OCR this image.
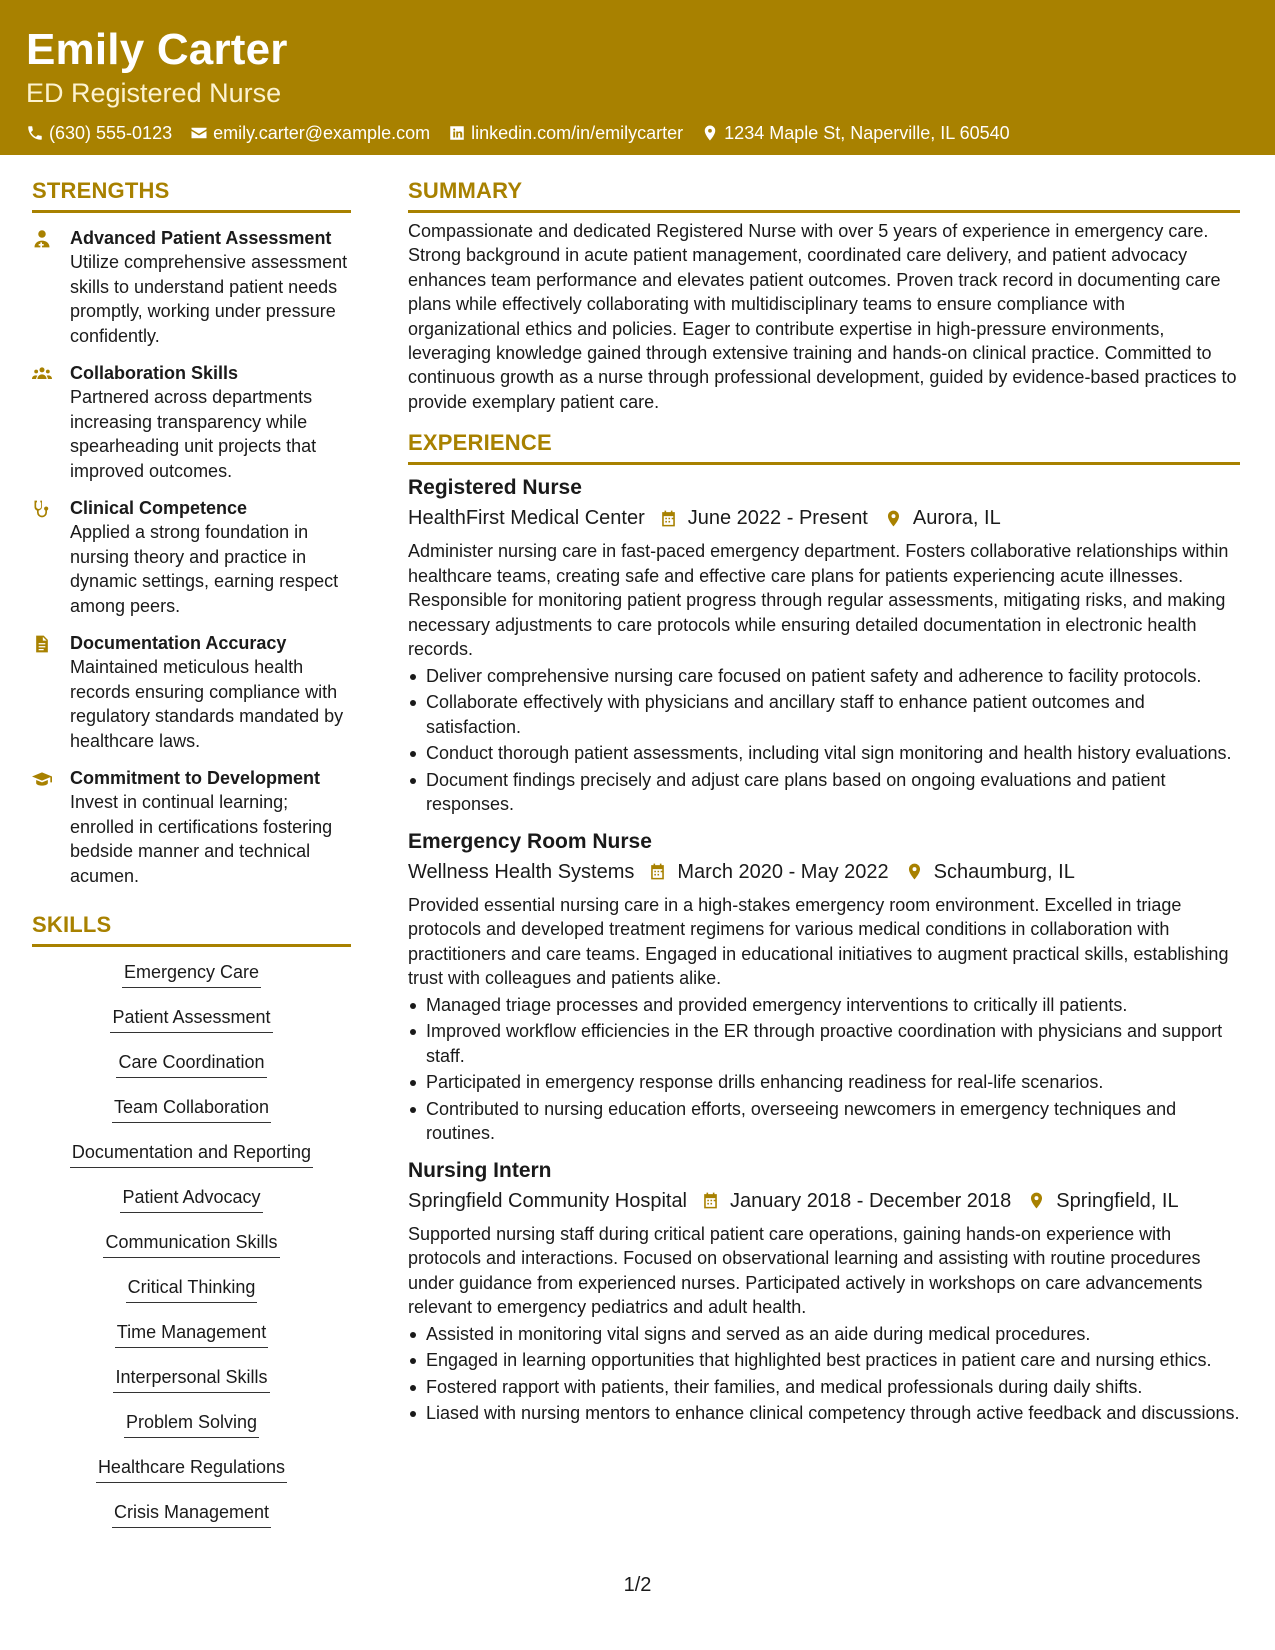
Emily Carter
ED Registered Nurse
(630) 555-0123 emily.carter@example.com linkedin.com/in/emilycarter 1234 Maple St, Naperville, IL 60540
STRENGTHS
Advanced Patient Assessment
Utilize comprehensive assessment skills to understand patient needs promptly, working under pressure confidently.
Collaboration Skills
Partnered across departments increasing transparency while spearheading unit projects that improved outcomes.
Clinical Competence
Applied a strong foundation in nursing theory and practice in dynamic settings, earning respect among peers.
Documentation Accuracy
Maintained meticulous health records ensuring compliance with regulatory standards mandated by healthcare laws.
Commitment to Development
Invest in continual learning; enrolled in certifications fostering bedside manner and technical acumen.
SKILLS
Emergency Care
Patient Assessment
Care Coordination
Team Collaboration
Documentation and Reporting
Patient Advocacy
Communication Skills
Critical Thinking
Time Management
Interpersonal Skills
Problem Solving
Healthcare Regulations
Crisis Management
SUMMARY
Compassionate and dedicated Registered Nurse with over 5 years of experience in emergency care. Strong background in acute patient management, coordinated care delivery, and patient advocacy enhances team performance and elevates patient outcomes. Proven track record in documenting care plans while effectively collaborating with multidisciplinary teams to ensure compliance with organizational ethics and policies. Eager to contribute expertise in high-pressure environments, leveraging knowledge gained through extensive training and hands-on clinical practice. Committed to continuous growth as a nurse through professional development, guided by evidence-based practices to provide exemplary patient care.
EXPERIENCE
Registered Nurse
HealthFirst Medical Center June 2022 - Present Aurora, IL
Administer nursing care in fast-paced emergency department. Fosters collaborative relationships within healthcare teams, creating safe and effective care plans for patients experiencing acute illnesses. Responsible for monitoring patient progress through regular assessments, mitigating risks, and making necessary adjustments to care protocols while ensuring detailed documentation in electronic health records.
Deliver comprehensive nursing care focused on patient safety and adherence to facility protocols.
Collaborate effectively with physicians and ancillary staff to enhance patient outcomes and satisfaction.
Conduct thorough patient assessments, including vital sign monitoring and health history evaluations.
Document findings precisely and adjust care plans based on ongoing evaluations and patient responses.
Emergency Room Nurse
Wellness Health Systems March 2020 - May 2022 Schaumburg, IL
Provided essential nursing care in a high-stakes emergency room environment. Excelled in triage protocols and developed treatment regimens for various medical conditions in collaboration with practitioners and care teams. Engaged in educational initiatives to augment practical skills, establishing trust with colleagues and patients alike.
Managed triage processes and provided emergency interventions to critically ill patients.
Improved workflow efficiencies in the ER through proactive coordination with physicians and support staff.
Participated in emergency response drills enhancing readiness for real-life scenarios.
Contributed to nursing education efforts, overseeing newcomers in emergency techniques and routines.
Nursing Intern
Springfield Community Hospital January 2018 - December 2018 Springfield, IL
Supported nursing staff during critical patient care operations, gaining hands-on experience with protocols and interactions. Focused on observational learning and assisting with routine procedures under guidance from experienced nurses. Participated actively in workshops on care advancements relevant to emergency pediatrics and adult health.
Assisted in monitoring vital signs and served as an aide during medical procedures.
Engaged in learning opportunities that highlighted best practices in patient care and nursing ethics.
Fostered rapport with patients, their families, and medical professionals during daily shifts.
Liased with nursing mentors to enhance clinical competency through active feedback and discussions.
1/2
